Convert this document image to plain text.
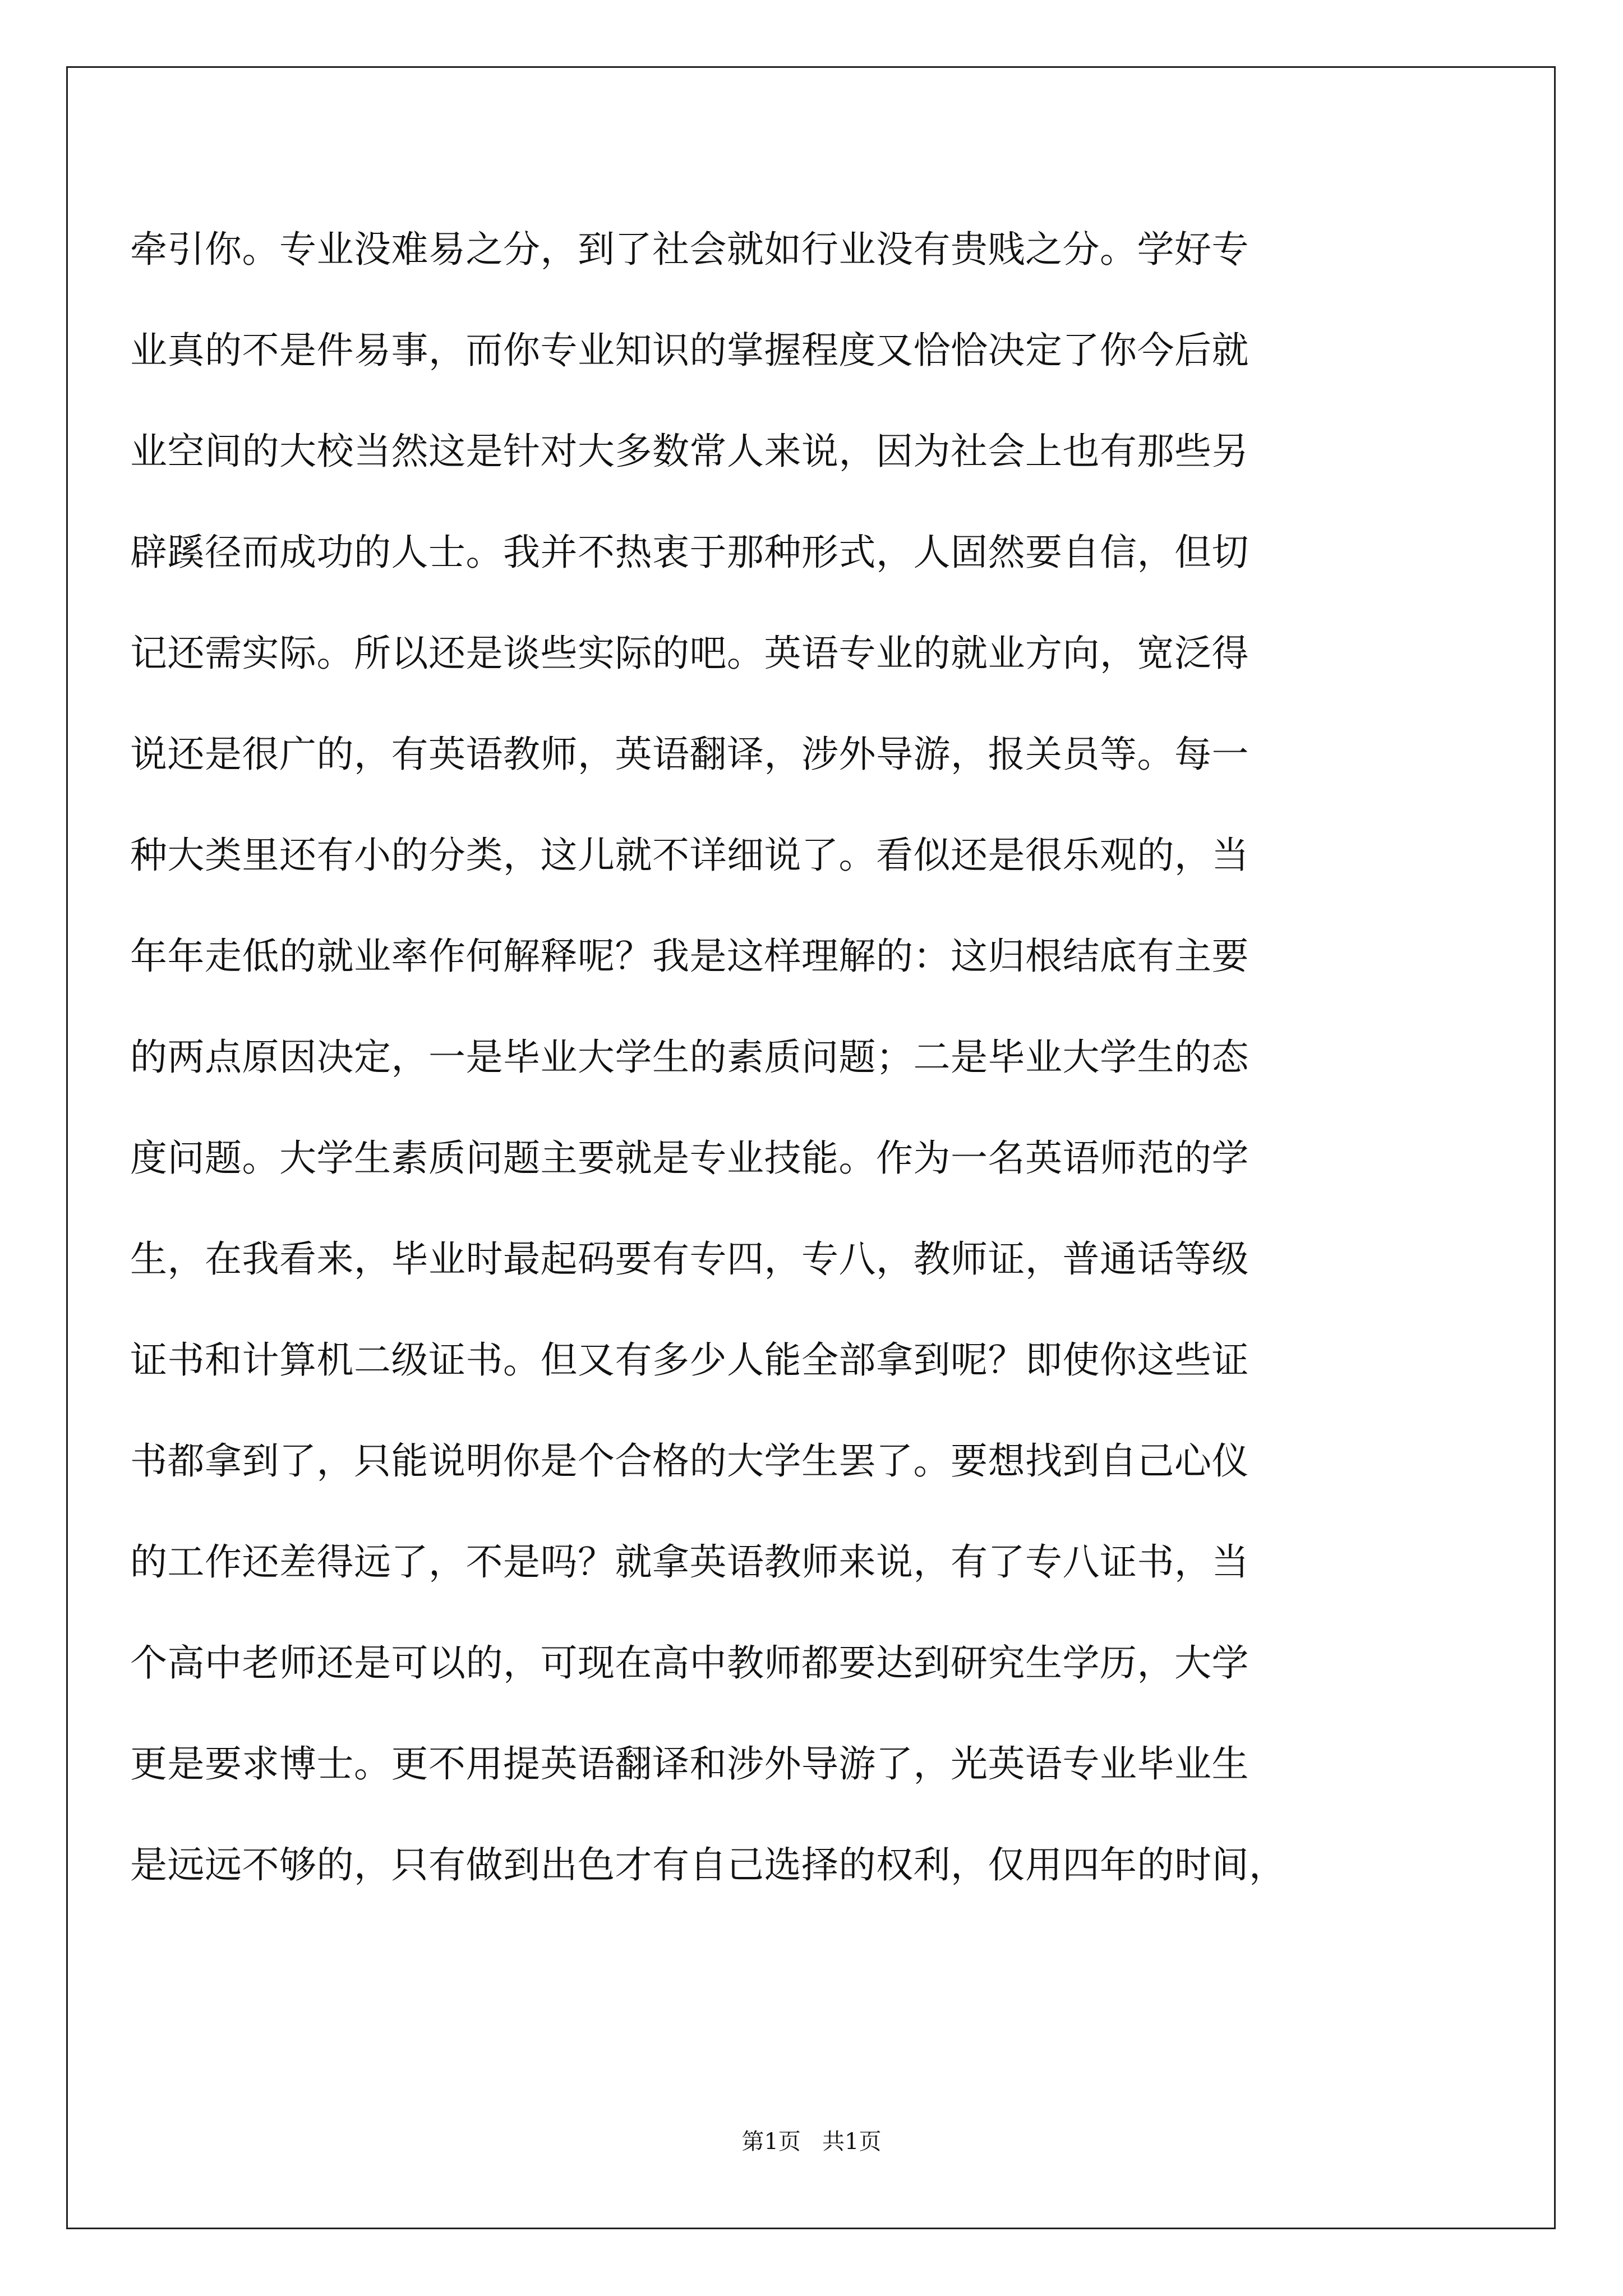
牵引你。专业没难易之分，到了社会就如行业没有贵贱之分。学好专
业真的不是件易事，而你专业知识的掌握程度又恰恰决定了你今后就
业空间的大校当然这是针对大多数常人来说，因为社会上也有那些另
辟蹊径而成功的人士。我并不热衷于那种形式，人固然要自信，但切
记还需实际。所以还是谈些实际的吧。英语专业的就业方向，宽泛得
说还是很广的，有英语教师，英语翻译，涉外导游，报关员等。每一
种大类里还有小的分类，这儿就不详细说了。看似还是很乐观的，当
年年走低的就业率作何解释呢？我是这样理解的：这归根结底有主要
的两点原因决定，一是毕业大学生的素质问题；二是毕业大学生的态
度问题。大学生素质问题主要就是专业技能。作为一名英语师范的学
生，在我看来，毕业时最起码要有专四，专八，教师证，普通话等级
证书和计算机二级证书。但又有多少人能全部拿到呢？即使你这些证
书都拿到了，只能说明你是个合格的大学生罢了。要想找到自己心仪
的工作还差得远了，不是吗？就拿英语教师来说，有了专八证书，当
个高中老师还是可以的，可现在高中教师都要达到研究生学历，大学
更是要求博士。更不用提英语翻译和涉外导游了，光英语专业毕业生
是远远不够的，只有做到出色才有自己选择的权利，仅用四年的时间，
第1页   共1页
